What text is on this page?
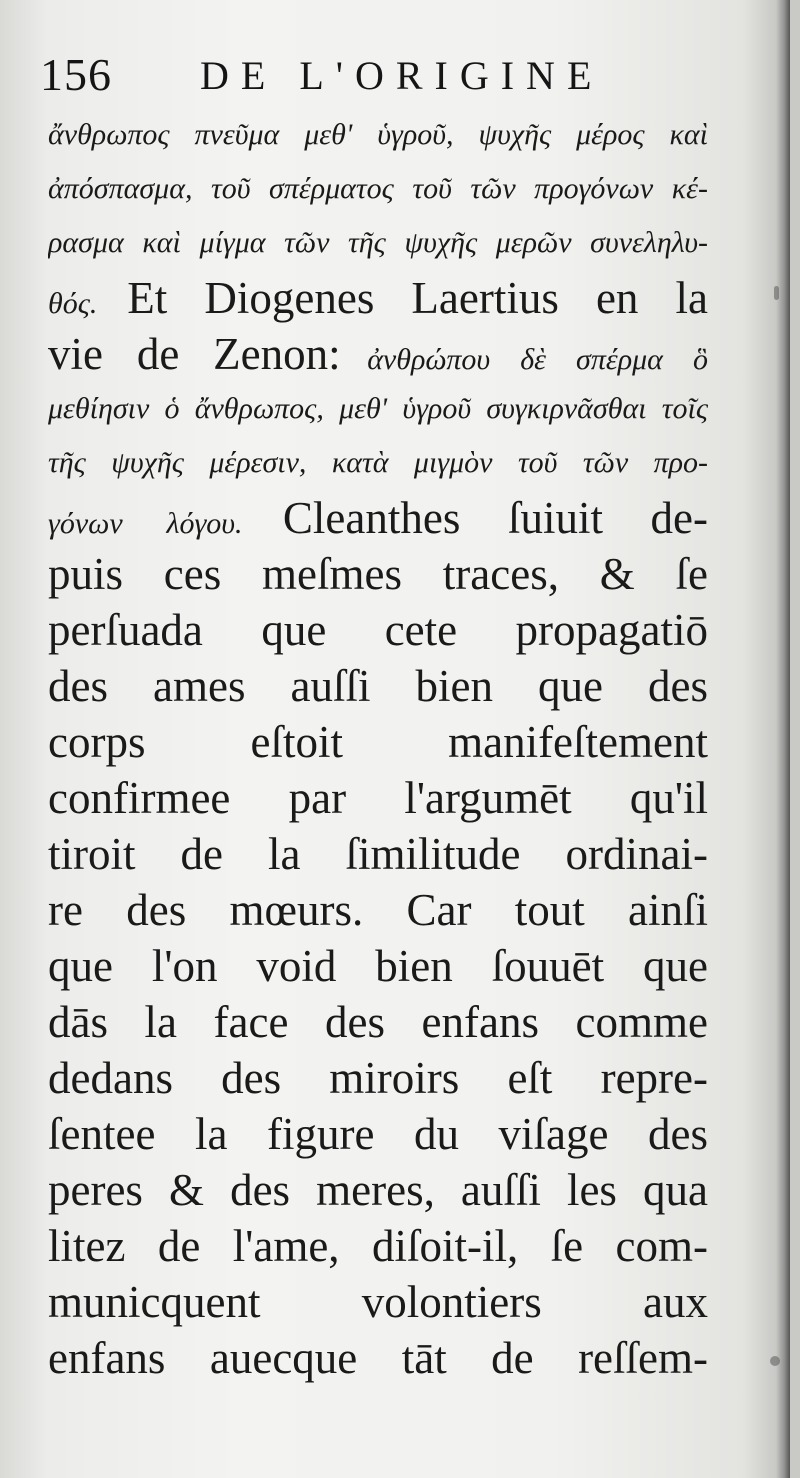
156 DE L'ORIGINE
ἄνθρωπος πνεῦμα μεθ' ὑγροῦ, ψυχῆς μέρος καὶ
ἀπόσπασμα, τοῦ σπέρματος τοῦ τῶν προγόνων κέ-
ρασμα καὶ μίγμα τῶν τῆς ψυχῆς μερῶν συνεληλυ-
θός. Et Diogenes Laertius en la
vie de Zenon: ἀνθρώπου δὲ σπέρμα ὃ
μεθίησιν ὁ ἄνθρωπος, μεθ' ὑγροῦ συγκιρνᾶσθαι τοῖς
τῆς ψυχῆς μέρεσιν, κατὰ μιγμὸν τοῦ τῶν προ-
γόνων λόγου. Cleanthes ſuiuit de-
puis ces meſmes traces, & ſe
perſuada que cete propagatiō
des ames auſſi bien que des
corps eſtoit manifeſtement
confirmee par l'argumēt qu'il
tiroit de la ſimilitude ordinai-
re des mœurs. Car tout ainſi
que l'on void bien ſouuēt que
dās la face des enfans comme
dedans des miroirs eſt repre-
ſentee la figure du viſage des
peres & des meres, auſſi les qua
litez de l'ame, diſoit-il, ſe com-
municquent volontiers aux
enfans auecque tāt de reſſem-
